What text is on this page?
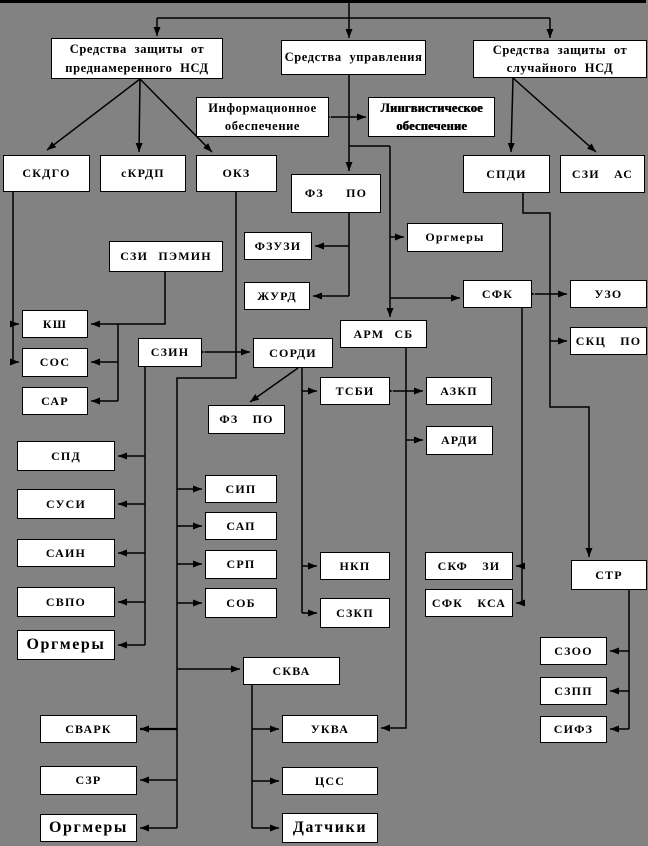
Средства защиты от преднамеренного НСД
Средства управления
Средства защиты от случайного НСД
Информационное обеспечение
Лингвистическое обеспечение
СКДГО	сКРДП	ОКЗ
ФЗ ПО
СПДИ	СЗИ АС
Оргмеры
ФЗУЗИ
СЗИ ПЭМИН
ЖУРД	СФК	УЗО
КШ
АРМ СБ	СКЦ ПО
СОС
СЗИН	СОРДИ
САР
ТСБИ	АЗКП
ФЗ ПО
АРДИ
СПД
СУСИ
САИН
СВПО
Оргмеры
СИП
САП
СРП
СОБ
НКП
СЗКП
СКФ ЗИ
СФК КСА
СТР
СЗОО
СЗПП
СИФЗ
СКВА
СВАРК	УКВА
СЗР	ЦСС
Оргмеры	Датчики
